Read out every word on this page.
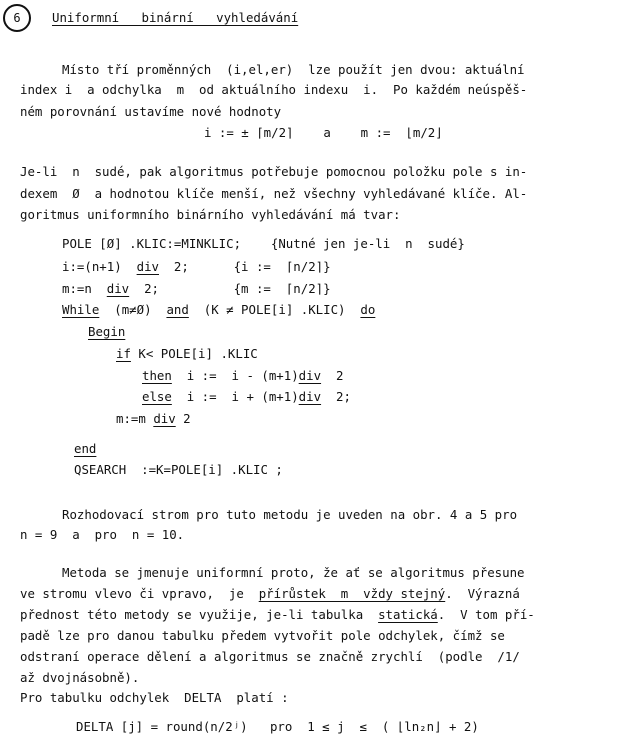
6	Uniformní   binární   vyhledávání
Místo tří proměnných  (i,el,er)  lze použít jen dvou: aktuální
index i  a odchylka  m  od aktuálního indexu  i.  Po každém neúspěš-
ném porovnání ustavíme nové hodnoty
i := ± ⌈m/2⌉    a    m :=  ⌊m/2⌋
Je-li  n  sudé, pak algoritmus potřebuje pomocnou položku pole s in-
dexem  Ø  a hodnotou klíče menší, než všechny vyhledávané klíče. Al-
goritmus uniformního binárního vyhledávání má tvar:
POLE [Ø] .KLIC:=MINKLIC;    {Nutné jen je-li  n  sudé}
i:=(n+1)  div  2;      {i :=  ⌈n/2⌉}
m:=n  div  2;          {m :=  ⌈n/2⌉}
While  (m≠Ø)  and  (K ≠ POLE[i] .KLIC)  do
Begin
if K< POLE[i] .KLIC
then  i :=  i - (m+1)div  2
else  i :=  i + (m+1)div  2;
m:=m div 2
end
QSEARCH  :=K=POLE[i] .KLIC ;
Rozhodovací strom pro tuto metodu je uveden na obr. 4 a 5 pro
n = 9  a  pro  n = 10.
Metoda se jmenuje uniformní proto, že ať se algoritmus přesune
ve stromu vlevo či vpravo,  je  přírůstek  m  vždy stejný.  Výrazná
přednost této metody se využije, je-li tabulka  statická.  V tom pří-
padě lze pro danou tabulku předem vytvořit pole odchylek, čímž se
odstraní operace dělení a algoritmus se značně zrychlí  (podle  /1/
až dvojnásobně).
Pro tabulku odchylek  DELTA  platí :
DELTA [j] = round(n/2ʲ)   pro  1 ≤ j  ≤  ( ⌊ln₂n⌋ + 2)
